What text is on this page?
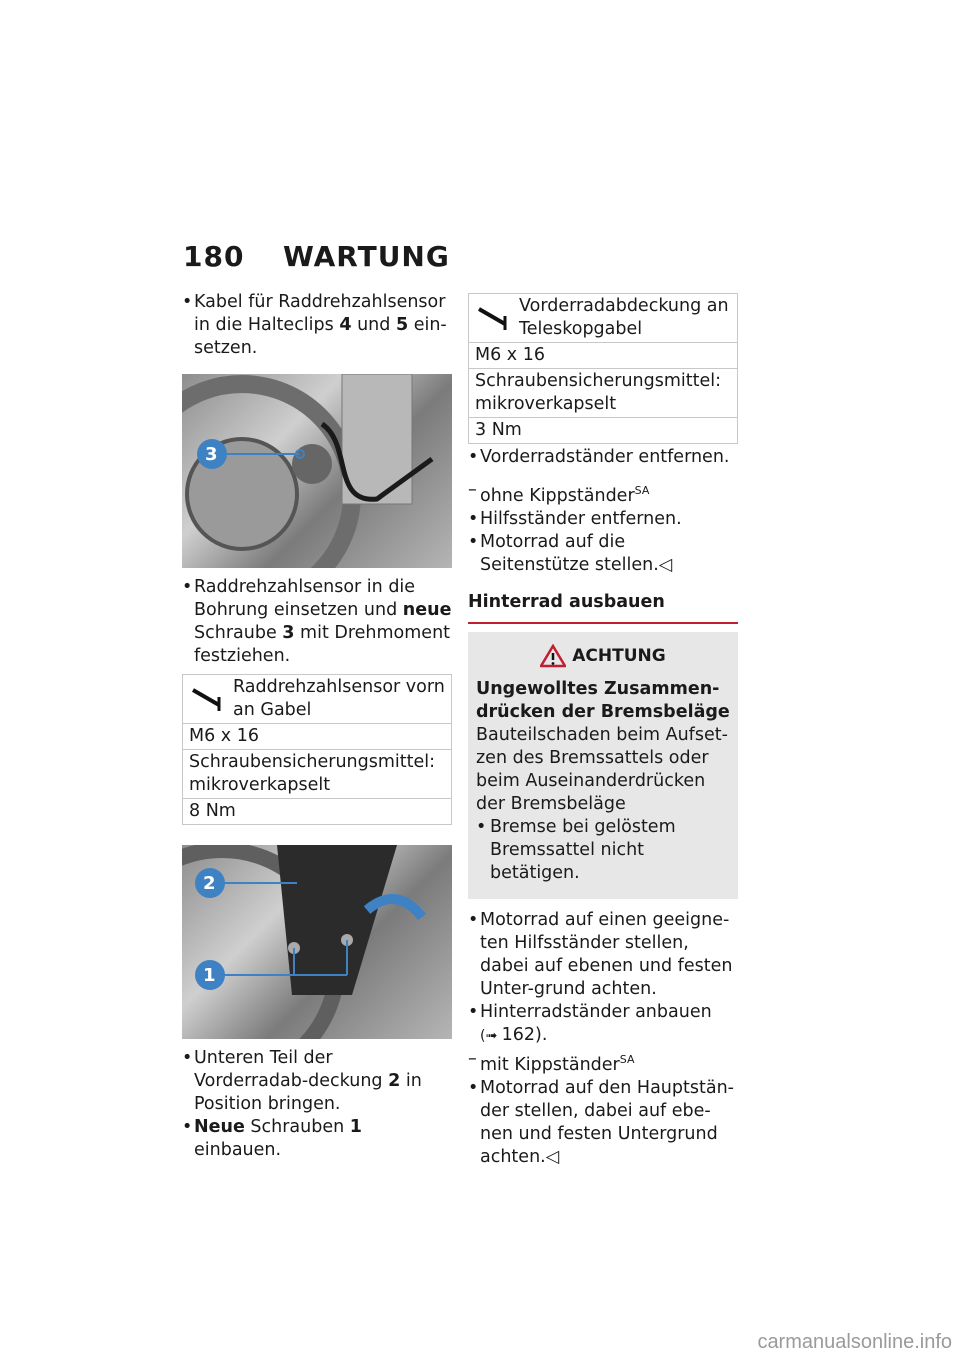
180 WARTUNG

• Kabel für Raddrehzahlsensor in die Halteclips 4 und 5 ein-setzen.

3

• Raddrehzahlsensor in die Bohrung einsetzen und neue Schraube 3 mit Drehmoment festziehen.

Raddrehzahlsensor vorn an Gabel
M6 x 16
Schraubensicherungsmittel: mikroverkapselt
8 Nm
2
1

• Unteren Teil der Vorderradab-deckung 2 in Position bringen.

• Neue Schrauben 1 einbauen.

Vorderradabdeckung an Teleskopgabel
M6 x 16
Schraubensicherungsmittel: mikroverkapselt
3 Nm

• Vorderradständer entfernen.

– ohne Kippständer$^{SA}$

• Hilfsständer entfernen.

• Motorrad auf die Seitenstütze stellen.◁

Hinterrad ausbauen
ACHTUNG
Ungewolltes Zusammen-drücken der Bremsbeläge
Bauteilschaden beim Aufset-zen des Bremssattels oder beim Auseinanderdrücken der Bremsbeläge

• Bremse bei gelöstem Bremssattel nicht betätigen.

• Motorrad auf einen geeigne-ten Hilfsständer stellen, dabei auf ebenen und festen Unter-grund achten.

• Hinterradständer anbauen
(➟ 162).

– mit Kippständer$^{SA}$

• Motorrad auf den Hauptstän-der stellen, dabei auf ebe-nen und festen Untergrund achten.◁

carmanualsonline.info
